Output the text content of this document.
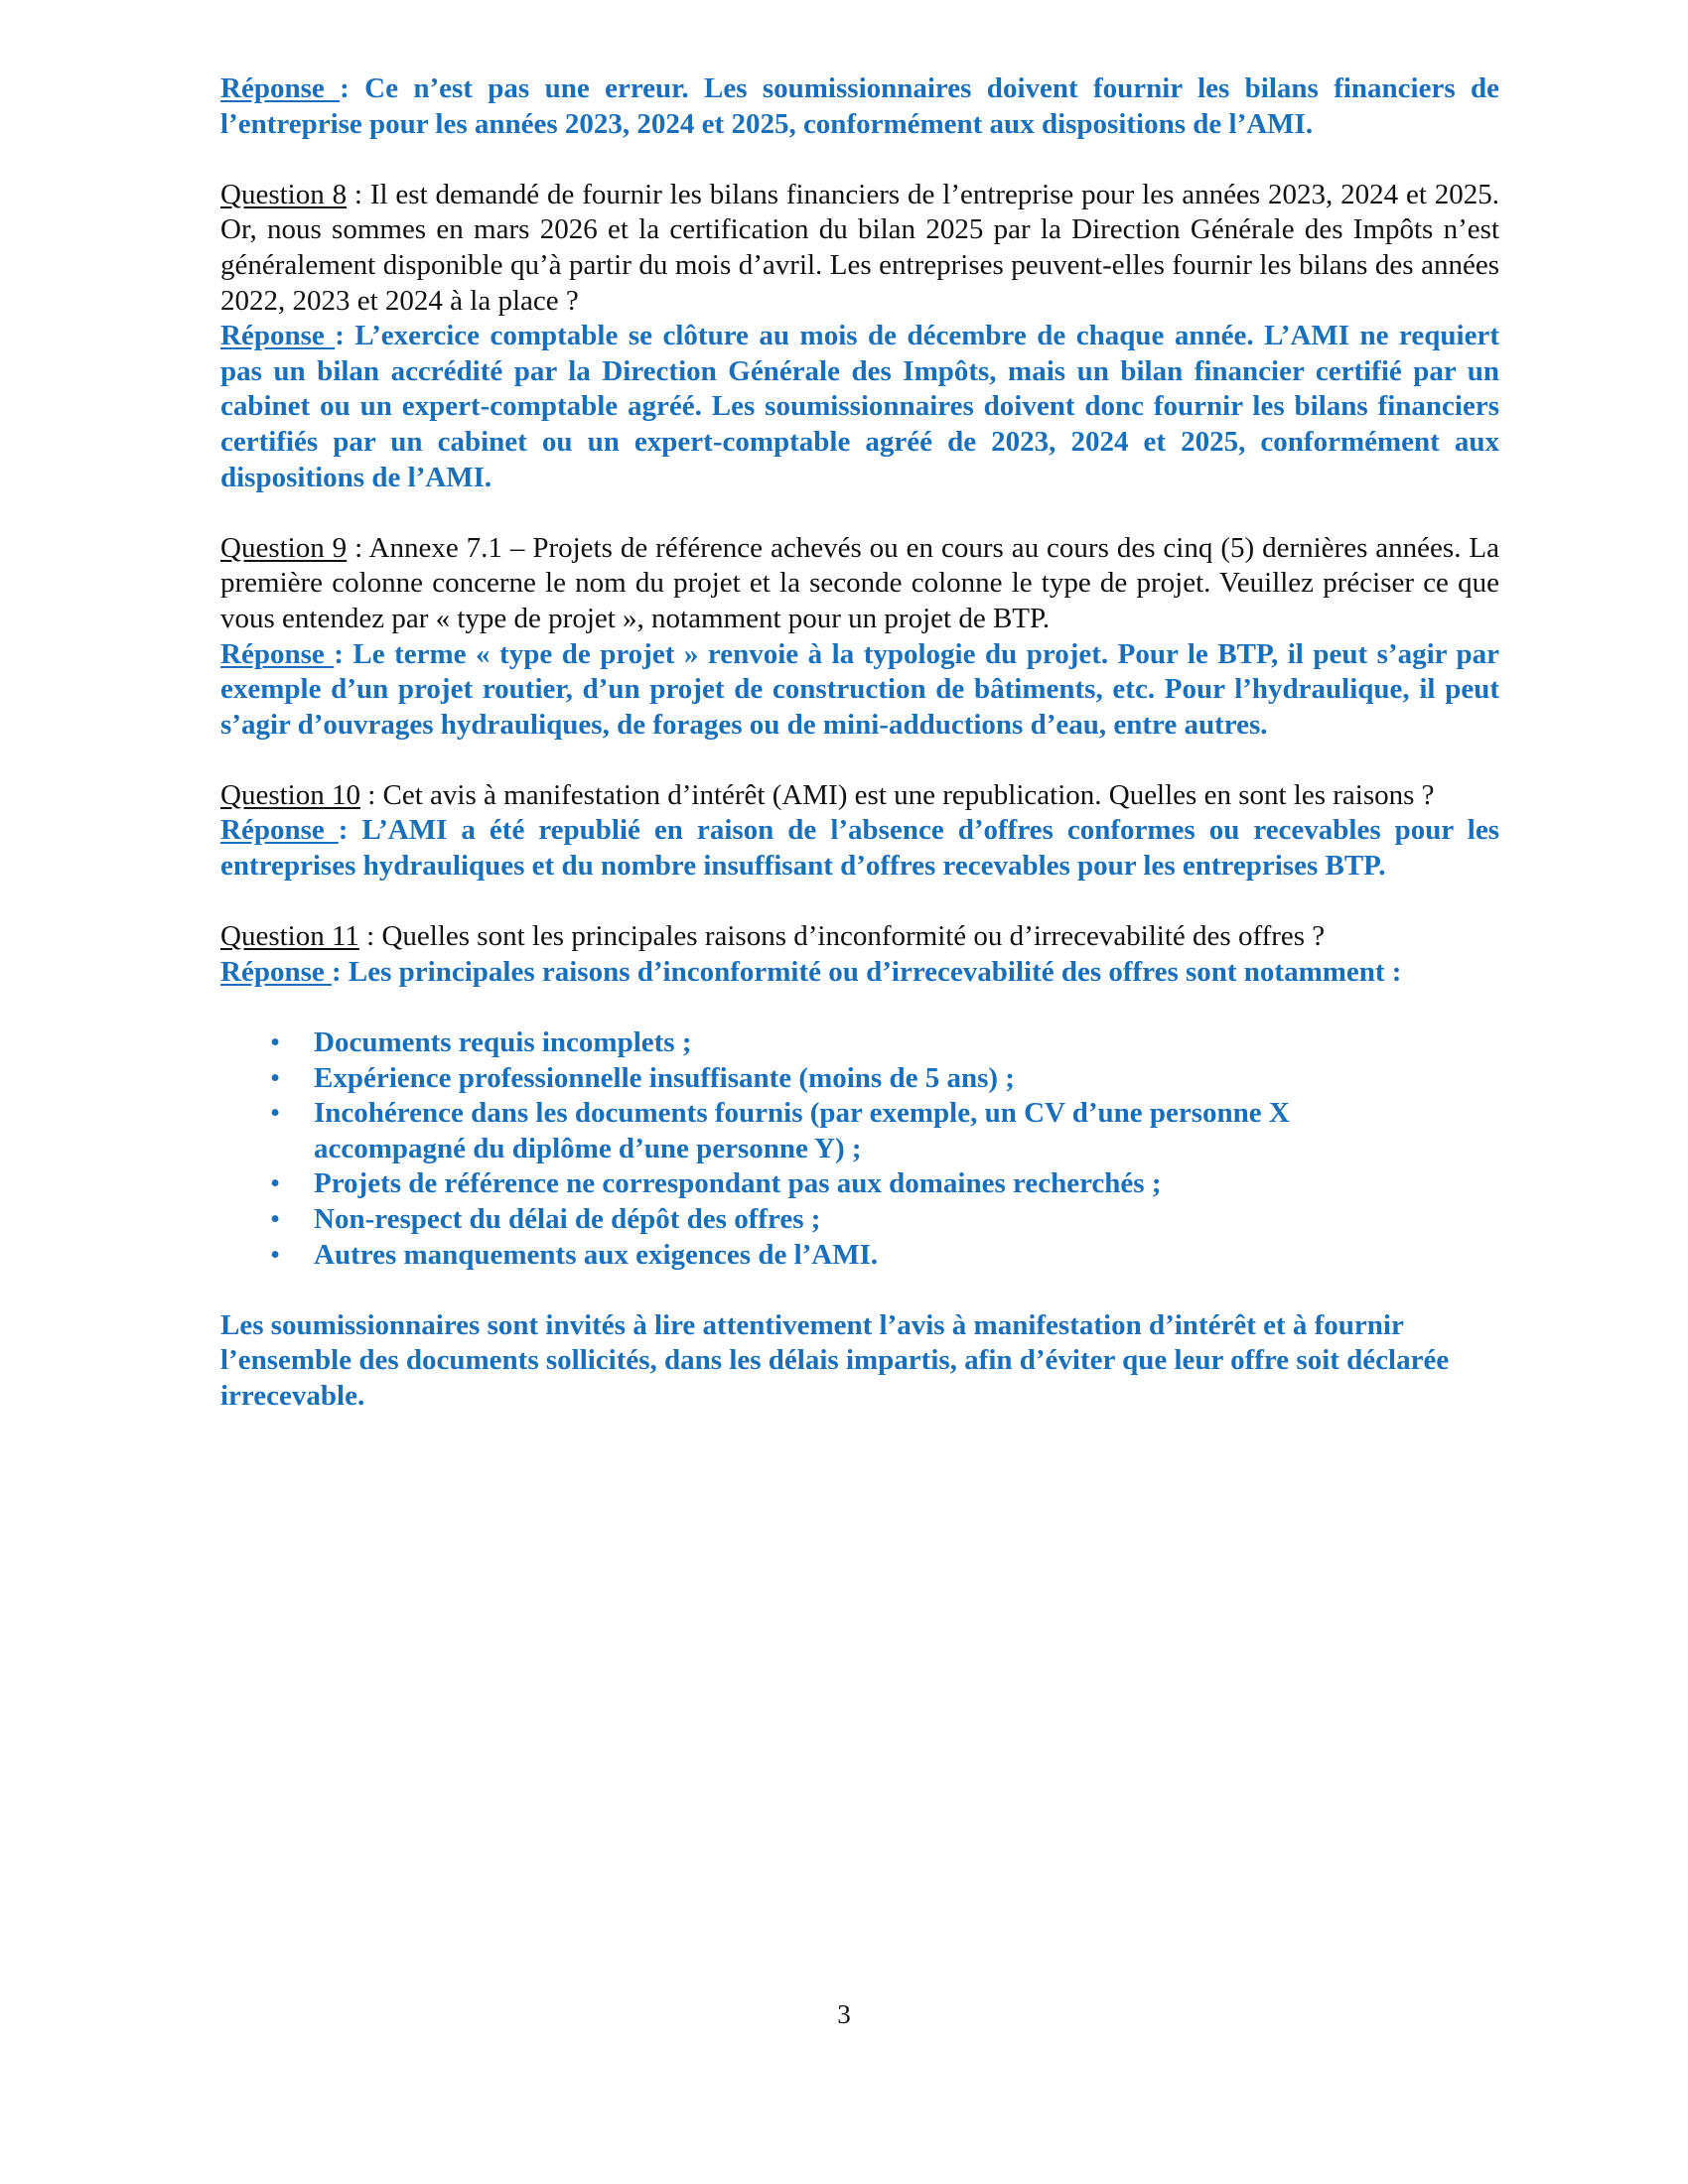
Réponse : Ce n’est pas une erreur. Les soumissionnaires doivent fournir les bilans financiers de l’entreprise pour les années 2023, 2024 et 2025, conformément aux dispositions de l’AMI.

Question 8 : Il est demandé de fournir les bilans financiers de l’entreprise pour les années 2023, 2024 et 2025. Or, nous sommes en mars 2026 et la certification du bilan 2025 par la Direction Générale des Impôts n’est généralement disponible qu’à partir du mois d’avril. Les entreprises peuvent-elles fournir les bilans des années 2022, 2023 et 2024 à la place ?

Réponse : L’exercice comptable se clôture au mois de décembre de chaque année. L’AMI ne requiert pas un bilan accrédité par la Direction Générale des Impôts, mais un bilan financier certifié par un cabinet ou un expert-comptable agréé. Les soumissionnaires doivent donc fournir les bilans financiers certifiés par un cabinet ou un expert-comptable agréé de 2023, 2024 et 2025, conformément aux dispositions de l’AMI.

Question 9 : Annexe 7.1 – Projets de référence achevés ou en cours au cours des cinq (5) dernières années. La première colonne concerne le nom du projet et la seconde colonne le type de projet. Veuillez préciser ce que vous entendez par « type de projet », notamment pour un projet de BTP.

Réponse : Le terme « type de projet » renvoie à la typologie du projet. Pour le BTP, il peut s’agir par exemple d’un projet routier, d’un projet de construction de bâtiments, etc. Pour l’hydraulique, il peut s’agir d’ouvrages hydrauliques, de forages ou de mini-adductions d’eau, entre autres.

Question 10 : Cet avis à manifestation d’intérêt (AMI) est une republication. Quelles en sont les raisons ?

Réponse : L’AMI a été republié en raison de l’absence d’offres conformes ou recevables pour les entreprises hydrauliques et du nombre insuffisant d’offres recevables pour les entreprises BTP.

Question 11 : Quelles sont les principales raisons d’inconformité ou d’irrecevabilité des offres ?

Réponse : Les principales raisons d’inconformité ou d’irrecevabilité des offres sont notamment :

• Documents requis incomplets ;
• Expérience professionnelle insuffisante (moins de 5 ans) ;
• Incohérence dans les documents fournis (par exemple, un CV d’une personne X accompagné du diplôme d’une personne Y) ;
• Projets de référence ne correspondant pas aux domaines recherchés ;
• Non-respect du délai de dépôt des offres ;
• Autres manquements aux exigences de l’AMI.

Les soumissionnaires sont invités à lire attentivement l’avis à manifestation d’intérêt et à fournir l’ensemble des documents sollicités, dans les délais impartis, afin d’éviter que leur offre soit déclarée irrecevable.

3
